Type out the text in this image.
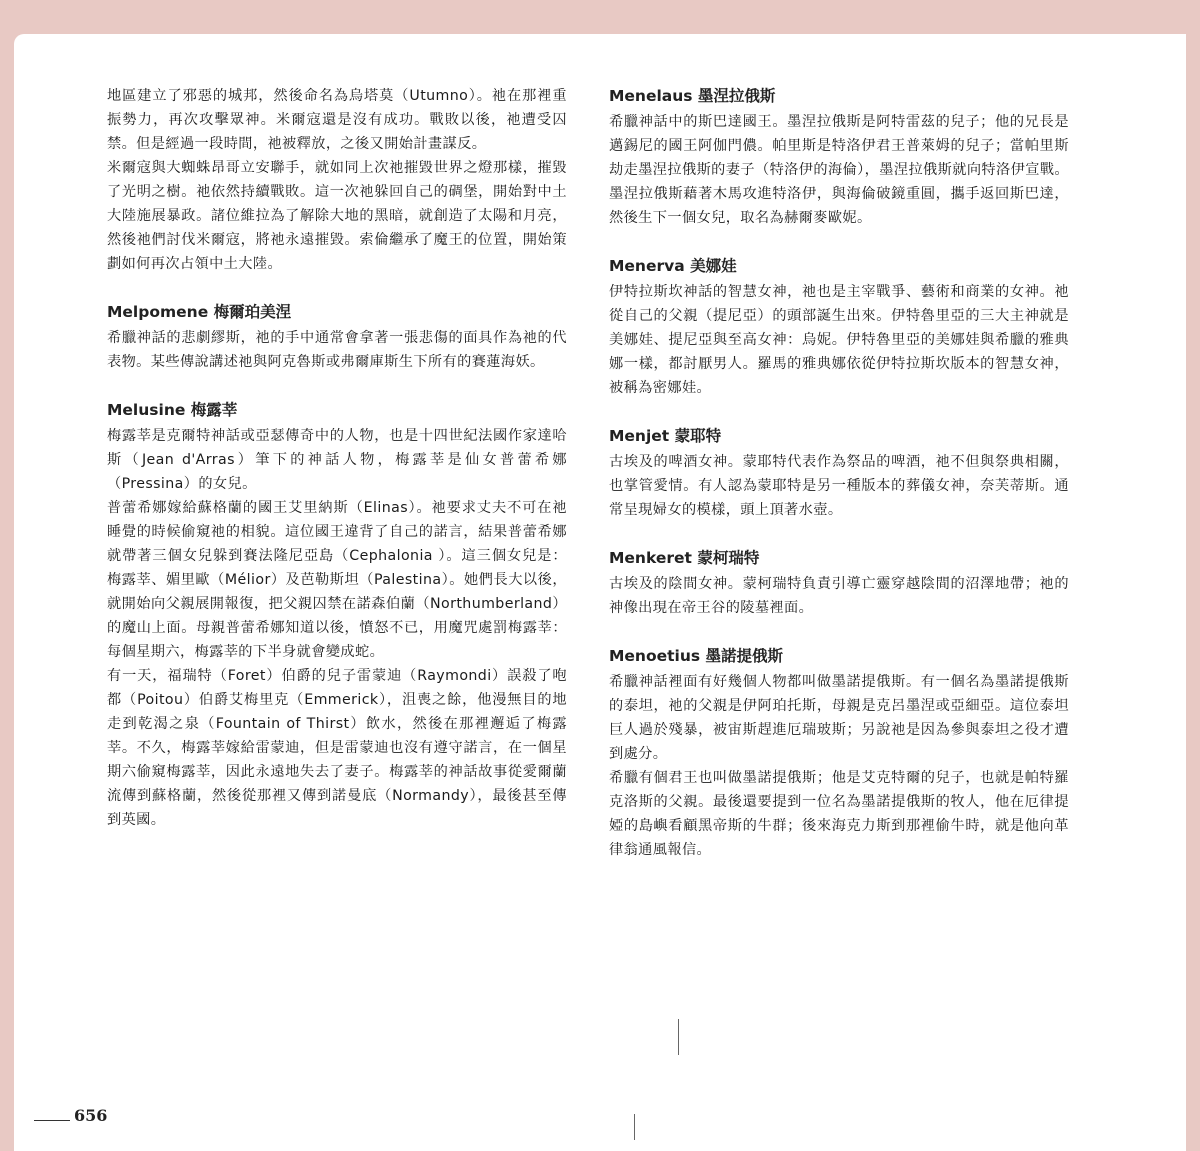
地區建立了邪惡的城邦，然後命名為烏塔莫（Utumno）。祂在那裡重振勢力，再次攻擊眾神。米爾寇還是沒有成功。戰敗以後，祂遭受囚禁。但是經過一段時間，祂被釋放，之後又開始計畫謀反。

米爾寇與大蜘蛛昂哥立安聯手，就如同上次祂摧毀世界之燈那樣，摧毀了光明之樹。祂依然持續戰敗。這一次祂躲回自己的碉堡，開始對中土大陸施展暴政。諸位維拉為了解除大地的黑暗，就創造了太陽和月亮，然後祂們討伐米爾寇，將祂永遠摧毀。索倫繼承了魔王的位置，開始策劃如何再次占領中土大陸。

Melpomene 梅爾珀美涅

希臘神話的悲劇繆斯，祂的手中通常會拿著一張悲傷的面具作為祂的代表物。某些傳說講述祂與阿克魯斯或弗爾庫斯生下所有的賽蓮海妖。

Melusine 梅露莘

梅露莘是克爾特神話或亞瑟傳奇中的人物，也是十四世紀法國作家達哈斯（Jean d'Arras）筆下的神話人物，梅露莘是仙女普蕾希娜（Pressina）的女兒。

普蕾希娜嫁給蘇格蘭的國王艾里納斯（Elinas）。祂要求丈夫不可在祂睡覺的時候偷窺祂的相貌。這位國王違背了自己的諾言，結果普蕾希娜就帶著三個女兒躲到賽法隆尼亞島（Cephalonia ）。這三個女兒是：梅露莘、媚里歐（Mélior）及芭勒斯坦（Palestina）。她們長大以後，就開始向父親展開報復，把父親囚禁在諾森伯蘭（Northumberland）的魔山上面。母親普蕾希娜知道以後，憤怒不已，用魔咒處罰梅露莘：每個星期六，梅露莘的下半身就會變成蛇。

有一天，福瑞特（Foret）伯爵的兒子雷蒙迪（Raymondi）誤殺了咆都（Poitou）伯爵艾梅里克（Emmerick），沮喪之餘，他漫無目的地走到乾渴之泉（Fountain of Thirst）飲水，然後在那裡邂逅了梅露莘。不久，梅露莘嫁給雷蒙迪，但是雷蒙迪也沒有遵守諾言，在一個星期六偷窺梅露莘，因此永遠地失去了妻子。梅露莘的神話故事從愛爾蘭流傳到蘇格蘭，然後從那裡又傳到諾曼底（Normandy），最後甚至傳到英國。

Menelaus 墨涅拉俄斯

希臘神話中的斯巴達國王。墨涅拉俄斯是阿特雷茲的兒子；他的兄長是邁錫尼的國王阿伽門儂。帕里斯是特洛伊君王普萊姆的兒子；當帕里斯劫走墨涅拉俄斯的妻子（特洛伊的海倫），墨涅拉俄斯就向特洛伊宣戰。墨涅拉俄斯藉著木馬攻進特洛伊，與海倫破鏡重圓，攜手返回斯巴達，然後生下一個女兒，取名為赫爾麥歐妮。

Menerva 美娜娃

伊特拉斯坎神話的智慧女神，祂也是主宰戰爭、藝術和商業的女神。祂從自己的父親（提尼亞）的頭部誕生出來。伊特魯里亞的三大主神就是美娜娃、提尼亞與至高女神：烏妮。伊特魯里亞的美娜娃與希臘的雅典娜一樣，都討厭男人。羅馬的雅典娜依從伊特拉斯坎版本的智慧女神，被稱為密娜娃。

Menjet 蒙耶特

古埃及的啤酒女神。蒙耶特代表作為祭品的啤酒，祂不但與祭典相關，也掌管愛情。有人認為蒙耶特是另一種版本的葬儀女神，奈芙蒂斯。通常呈現婦女的模樣，頭上頂著水壺。

Menkeret 蒙柯瑞特

古埃及的陰間女神。蒙柯瑞特負責引導亡靈穿越陰間的沼澤地帶；祂的神像出現在帝王谷的陵墓裡面。

Menoetius 墨諾提俄斯

希臘神話裡面有好幾個人物都叫做墨諾提俄斯。有一個名為墨諾提俄斯的泰坦，祂的父親是伊阿珀托斯，母親是克呂墨涅或亞細亞。這位泰坦巨人過於殘暴，被宙斯趕進厄瑞玻斯；另說祂是因為參與泰坦之役才遭到處分。

希臘有個君王也叫做墨諾提俄斯；他是艾克特爾的兒子，也就是帕特羅克洛斯的父親。最後還要提到一位名為墨諾提俄斯的牧人，他在厄律提婭的島嶼看顧黑帝斯的牛群；後來海克力斯到那裡偷牛時，就是他向革律翁通風報信。

656
